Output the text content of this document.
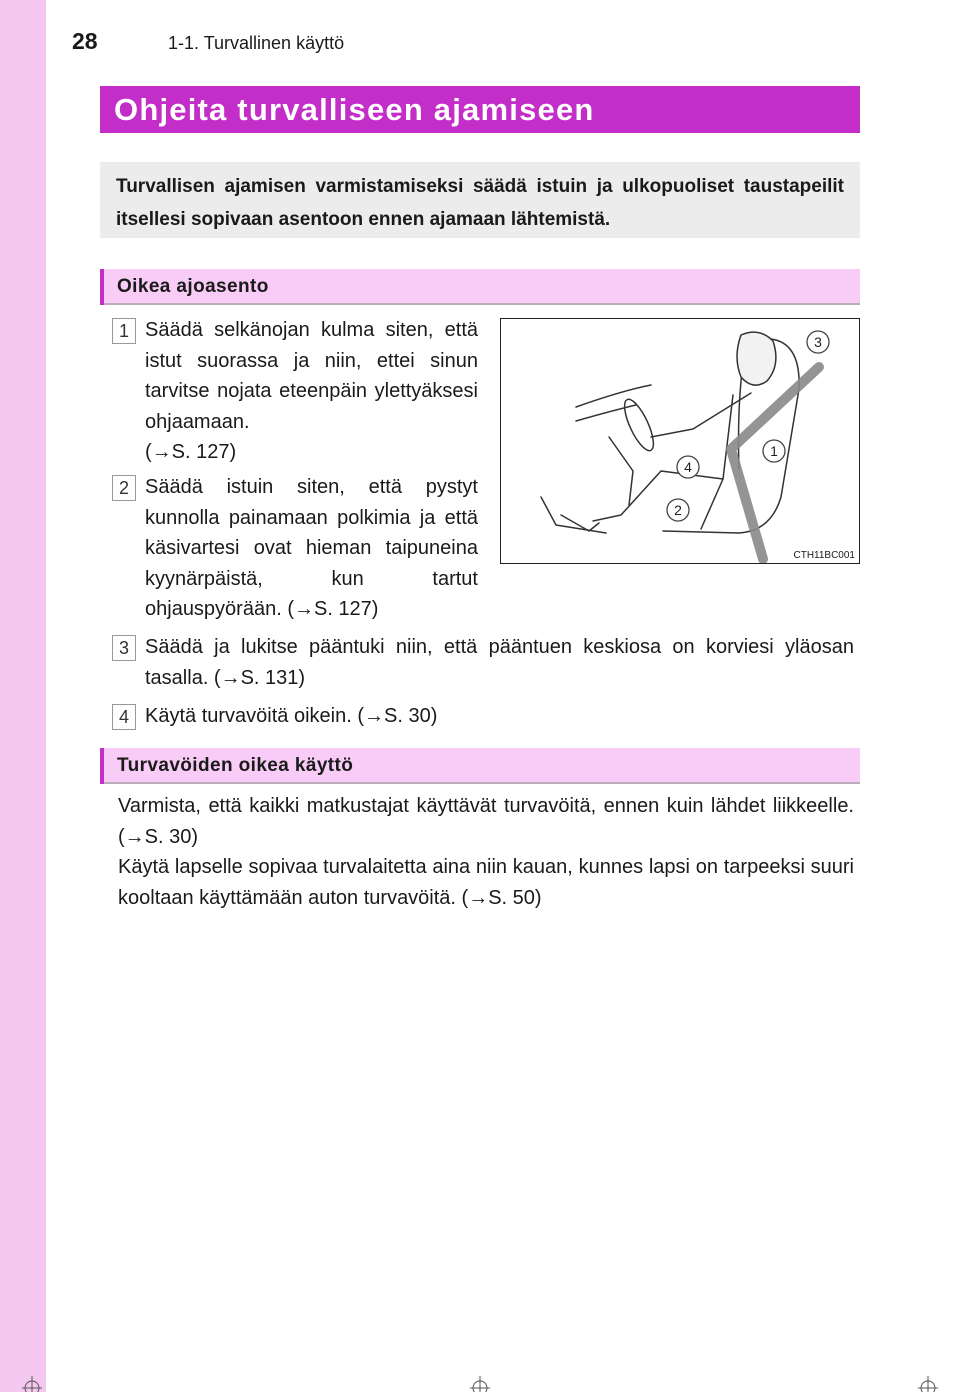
28	1-1. Turvallinen käyttö
Ohjeita turvalliseen ajamiseen
Turvallisen ajamisen varmistamiseksi säädä istuin ja ulkopuoliset taustapeilit itsellesi sopivaan asentoon ennen ajamaan lähtemistä.
Oikea ajoasento
1 Säädä selkänojan kulma siten, että istut suorassa ja niin, ettei sinun tarvitse nojata eteenpäin ylettyäksesi ohjaamaan.
(→S. 127)
2 Säädä istuin siten, että pystyt kunnolla painamaan polkimia ja että käsivartesi ovat hieman taipuneina kyynärpäistä, kun tartut ohjauspyörään. (→S. 127)
3 Säädä ja lukitse pääntuki niin, että pääntuen keskiosa on korviesi yläosan tasalla. (→S. 131)
4 Käytä turvavöitä oikein. (→S. 30)
3
1
4
2
CTH11BC001
Turvavöiden oikea käyttö
Varmista, että kaikki matkustajat käyttävät turvavöitä, ennen kuin lähdet liikkeelle. (→S. 30)
Käytä lapselle sopivaa turvalaitetta aina niin kauan, kunnes lapsi on tarpeeksi suuri kooltaan käyttämään auton turvavöitä. (→S. 50)
